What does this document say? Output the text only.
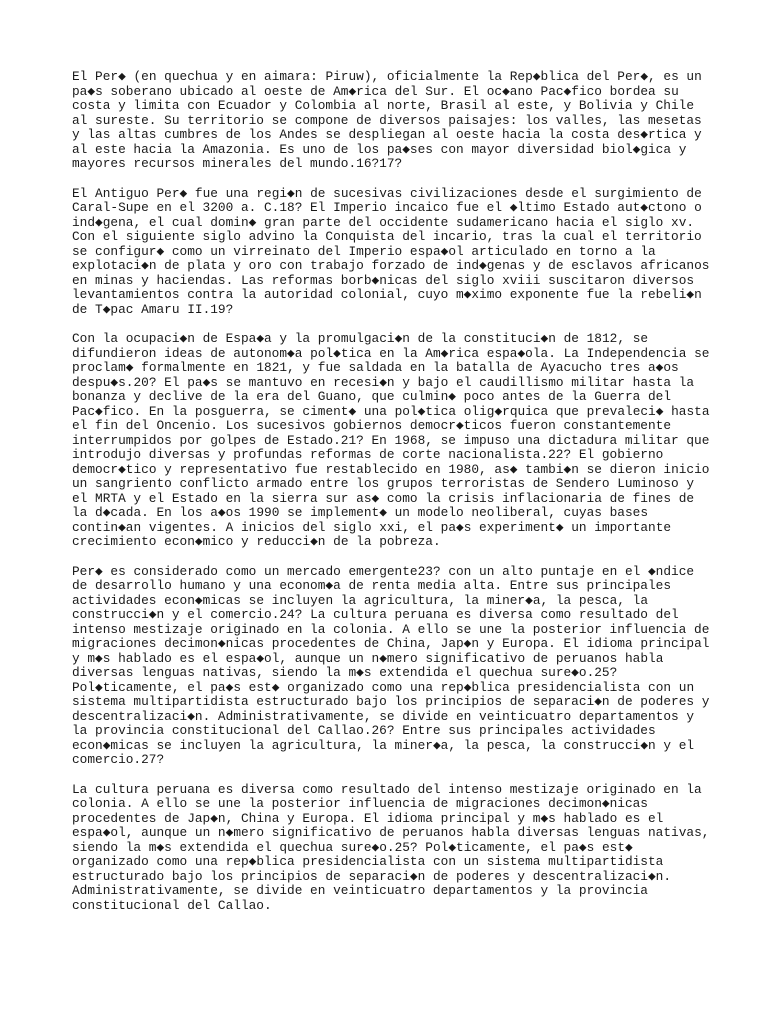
El Per◆ (en quechua y en aimara: Piruw), oficialmente la Rep◆blica del Per◆, es un
pa◆s soberano ubicado al oeste de Am◆rica del Sur. El oc◆ano Pac◆fico bordea su
costa y limita con Ecuador y Colombia al norte, Brasil al este, y Bolivia y Chile
al sureste. Su territorio se compone de diversos paisajes: los valles, las mesetas
y las altas cumbres de los Andes se despliegan al oeste hacia la costa des◆rtica y
al este hacia la Amazonia. Es uno de los pa◆ses con mayor diversidad biol◆gica y
mayores recursos minerales del mundo.16?17?

El Antiguo Per◆ fue una regi◆n de sucesivas civilizaciones desde el surgimiento de
Caral-Supe en el 3200 a. C.18? El Imperio incaico fue el ◆ltimo Estado aut◆ctono o
ind◆gena, el cual domin◆ gran parte del occidente sudamericano hacia el siglo xv.
Con el siguiente siglo advino la Conquista del incario, tras la cual el territorio
se configur◆ como un virreinato del Imperio espa◆ol articulado en torno a la
explotaci◆n de plata y oro con trabajo forzado de ind◆genas y de esclavos africanos
en minas y haciendas. Las reformas borb◆nicas del siglo xviii suscitaron diversos
levantamientos contra la autoridad colonial, cuyo m◆ximo exponente fue la rebeli◆n
de T◆pac Amaru II.19?

Con la ocupaci◆n de Espa◆a y la promulgaci◆n de la constituci◆n de 1812, se
difundieron ideas de autonom◆a pol◆tica en la Am◆rica espa◆ola. La Independencia se
proclam◆ formalmente en 1821, y fue saldada en la batalla de Ayacucho tres a◆os
despu◆s.20? El pa◆s se mantuvo en recesi◆n y bajo el caudillismo militar hasta la
bonanza y declive de la era del Guano, que culmin◆ poco antes de la Guerra del
Pac◆fico. En la posguerra, se ciment◆ una pol◆tica olig◆rquica que prevaleci◆ hasta
el fin del Oncenio. Los sucesivos gobiernos democr◆ticos fueron constantemente
interrumpidos por golpes de Estado.21? En 1968, se impuso una dictadura militar que
introdujo diversas y profundas reformas de corte nacionalista.22? El gobierno
democr◆tico y representativo fue restablecido en 1980, as◆ tambi◆n se dieron inicio
un sangriento conflicto armado entre los grupos terroristas de Sendero Luminoso y
el MRTA y el Estado en la sierra sur as◆ como la crisis inflacionaria de fines de
la d◆cada. En los a◆os 1990 se implement◆ un modelo neoliberal, cuyas bases
contin◆an vigentes. A inicios del siglo xxi, el pa◆s experiment◆ un importante
crecimiento econ◆mico y reducci◆n de la pobreza.

Per◆ es considerado como un mercado emergente23? con un alto puntaje en el ◆ndice
de desarrollo humano y una econom◆a de renta media alta. Entre sus principales
actividades econ◆micas se incluyen la agricultura, la miner◆a, la pesca, la
construcci◆n y el comercio.24? La cultura peruana es diversa como resultado del
intenso mestizaje originado en la colonia. A ello se une la posterior influencia de
migraciones decimon◆nicas procedentes de China, Jap◆n y Europa. El idioma principal
y m◆s hablado es el espa◆ol, aunque un n◆mero significativo de peruanos habla
diversas lenguas nativas, siendo la m◆s extendida el quechua sure◆o.25?
Pol◆ticamente, el pa◆s est◆ organizado como una rep◆blica presidencialista con un
sistema multipartidista estructurado bajo los principios de separaci◆n de poderes y
descentralizaci◆n. Administrativamente, se divide en veinticuatro departamentos y
la provincia constitucional del Callao.26? Entre sus principales actividades
econ◆micas se incluyen la agricultura, la miner◆a, la pesca, la construcci◆n y el
comercio.27?

La cultura peruana es diversa como resultado del intenso mestizaje originado en la
colonia. A ello se une la posterior influencia de migraciones decimon◆nicas
procedentes de Jap◆n, China y Europa. El idioma principal y m◆s hablado es el
espa◆ol, aunque un n◆mero significativo de peruanos habla diversas lenguas nativas,
siendo la m◆s extendida el quechua sure◆o.25? Pol◆ticamente, el pa◆s est◆
organizado como una rep◆blica presidencialista con un sistema multipartidista
estructurado bajo los principios de separaci◆n de poderes y descentralizaci◆n.
Administrativamente, se divide en veinticuatro departamentos y la provincia
constitucional del Callao.
